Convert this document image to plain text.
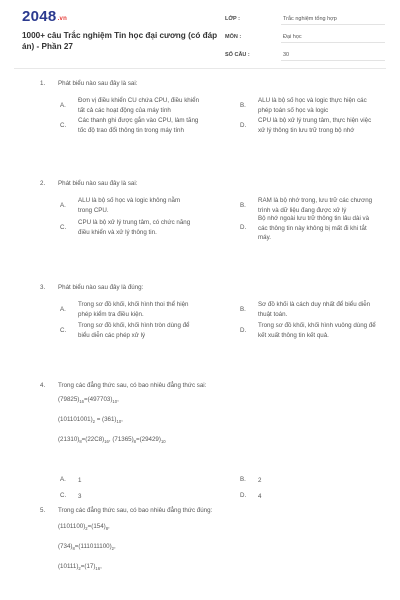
$2048_{.vn}$
1000+ câu Trắc nghiệm Tin học đại cương (có đáp án) - Phần 27
LỚP :	Trắc nghiệm tổng hợp
MÔN :	Đại học
SỐ CÂU :	30
1. Phát biểu nào sau đây là sai:
A.
Đơn vị điều khiển CU chứa CPU, điều khiển
tất cả các hoạt động của máy tính
B.
ALU là bộ số học và logic thực hiện các
phép toán số học và logic
C.
Các thanh ghi được gắn vào CPU, làm tăng
tốc độ trao đổi thông tin trong máy tính
D.
CPU là bộ xử lý trung tâm, thực hiện việc
xử lý thông tin lưu trữ trong bộ nhớ
2. Phát biểu nào sau đây là sai:
A.
ALU là bộ số học và logic không nằm
trong CPU.
B.
RAM là bộ nhớ trong, lưu trữ các chương
trình và dữ liệu đang được xử lý
C.
CPU là bộ xử lý trung tâm, có chức năng
điều khiển và xử lý thông tin.
D.
Bộ nhớ ngoài lưu trữ thông tin lâu dài và
các thông tin này không bị mất đi khi tắt
máy.
3. Phát biểu nào sau đây là đúng:
A.
Trong sơ đồ khối, khối hình thoi thể hiện
phép kiểm tra điều kiện.
B.
Sơ đồ khối là cách duy nhất để biểu diễn
thuật toán.
C.
Trong sơ đồ khối, khối hình tròn dùng để
biểu diễn các phép xử lý
D.
Trong sơ đồ khối, khối hình vuông dùng để
kết xuất thông tin kết quả.
4. Trong các đẳng thức sau, có bao nhiêu đẳng thức sai:
$(79825)_{16}=(497703)_{10}$,
$(101101001)_2 = (361)_{10}$,
$(21310)_8=(22C8)_{16}$, $(71365)_8=(29429)_{10}$
A. 1	B. 2
C. 3	D. 4
5. Trong các đẳng thức sau, có bao nhiêu đẳng thức đúng:
$(1101100)_2=(154)_8$,
$(734)_8=(111011100)_2$,
$(10111)_2=(17)_{16}$,
